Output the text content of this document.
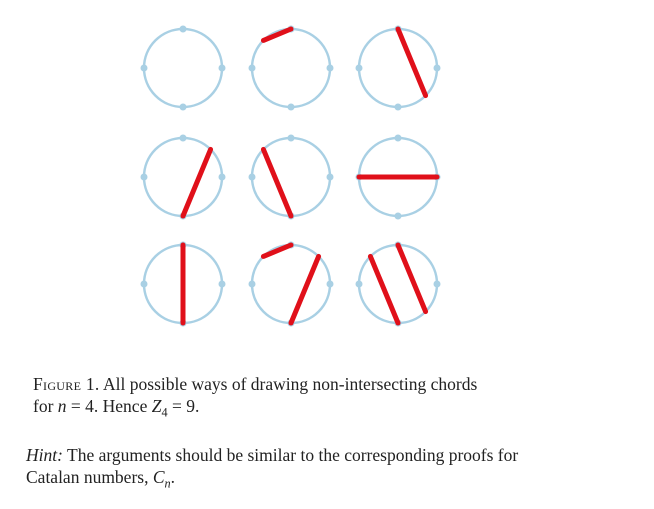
Figure 1. All possible ways of drawing non-intersecting chords
for n = 4. Hence $Z_4 = 9$.
Hint: The arguments should be similar to the corresponding proofs for
Catalan numbers, $C_n$.
